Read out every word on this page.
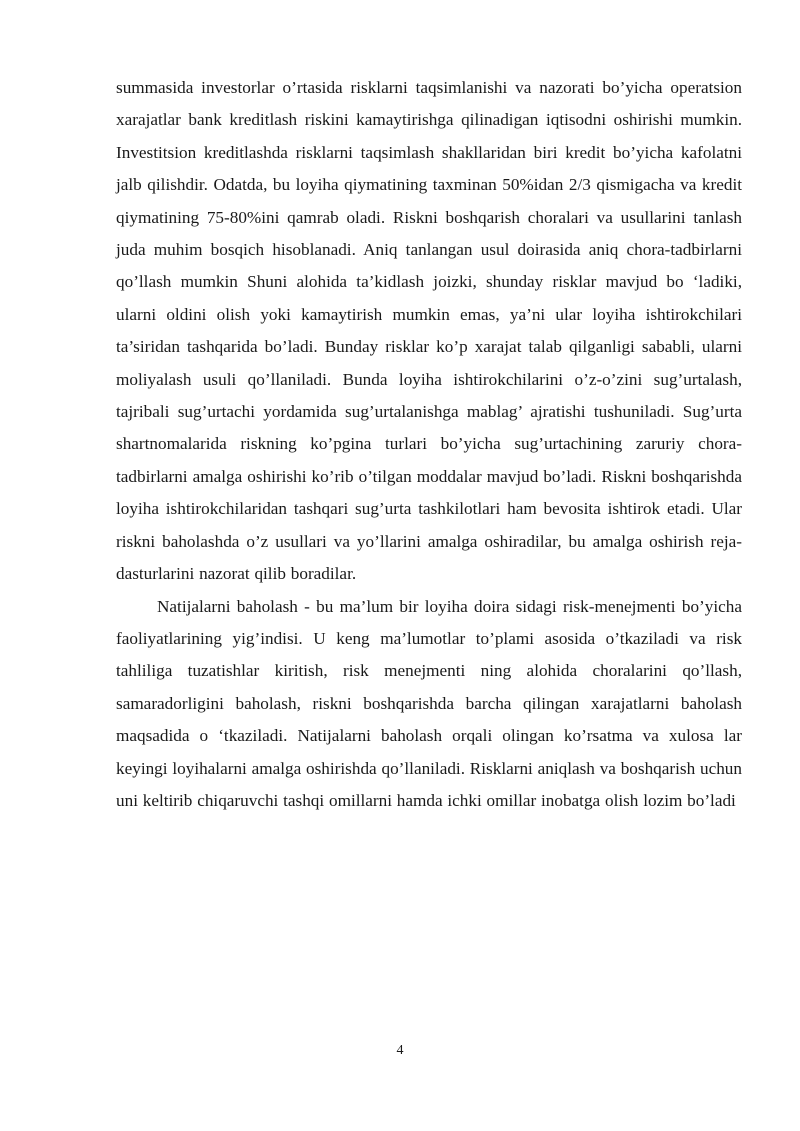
summasida investorlar o’rtasida risklarni taqsimlanishi va nazorati bo’yicha operatsion xarajatlar bank kreditlash riskini kamaytirishga qilinadigan iqtisodni oshirishi mumkin. Investitsion kreditlashda risklarni taqsimlash shakllaridan biri kredit bo’yicha kafolatni jalb qilishdir. Odatda, bu loyiha qiymatining taxminan 50%idan 2/3 qismigacha va kredit qiymatining 75-80%ini qamrab oladi. Riskni boshqarish choralari va usullarini tanlash juda muhim bosqich hisoblanadi. Aniq tanlangan usul doirasida aniq chora-tadbirlarni qo’llash mumkin Shuni alohida ta’kidlash joizki, shunday risklar mavjud bo ‘ladiki, ularni oldini olish yoki kamaytirish mumkin emas, ya’ni ular loyiha ishtirokchilari ta’siridan tashqarida bo’ladi. Bunday risklar ko’p xarajat talab qilganligi sababli, ularni moliyalash usuli qo’llaniladi. Bunda loyiha ishtirokchilarini o’z-o’zini sug’urtalash, tajribali sug’urtachi yordamida sug’urtalanishga mablag’ ajratishi tushuniladi. Sug’urta shartnomalarida riskning ko’pgina turlari bo’yicha sug’urtachining zaruriy chora-tadbirlarni amalga oshirishi ko’rib o’tilgan moddalar mavjud bo’ladi. Riskni boshqarishda loyiha ishtirokchilaridan tashqari sug’urta tashkilotlari ham bevosita ishtirok etadi. Ular riskni baholashda o’z usullari va yo’llarini amalga oshiradilar, bu amalga oshirish reja-dasturlarini nazorat qilib boradilar.

Natijalarni baholash - bu ma’lum bir loyiha doira sidagi risk-menejmenti bo’yicha faoliyatlarining yig’indisi. U keng ma’lumotlar to’plami asosida o’tkaziladi va risk tahliliga tuzatishlar kiritish, risk menejmenti ning alohida choralarini qo’llash, samaradorligini baholash, riskni boshqarishda barcha qilingan xarajatlarni baholash maqsadida o ‘tkaziladi. Natijalarni baholash orqali olingan ko’rsatma va xulosa lar keyingi loyihalarni amalga oshirishda qo’llaniladi. Risklarni aniqlash va boshqarish uchun uni keltirib chiqaruvchi tashqi omillarni hamda ichki omillar inobatga olish lozim bo’ladi

4
